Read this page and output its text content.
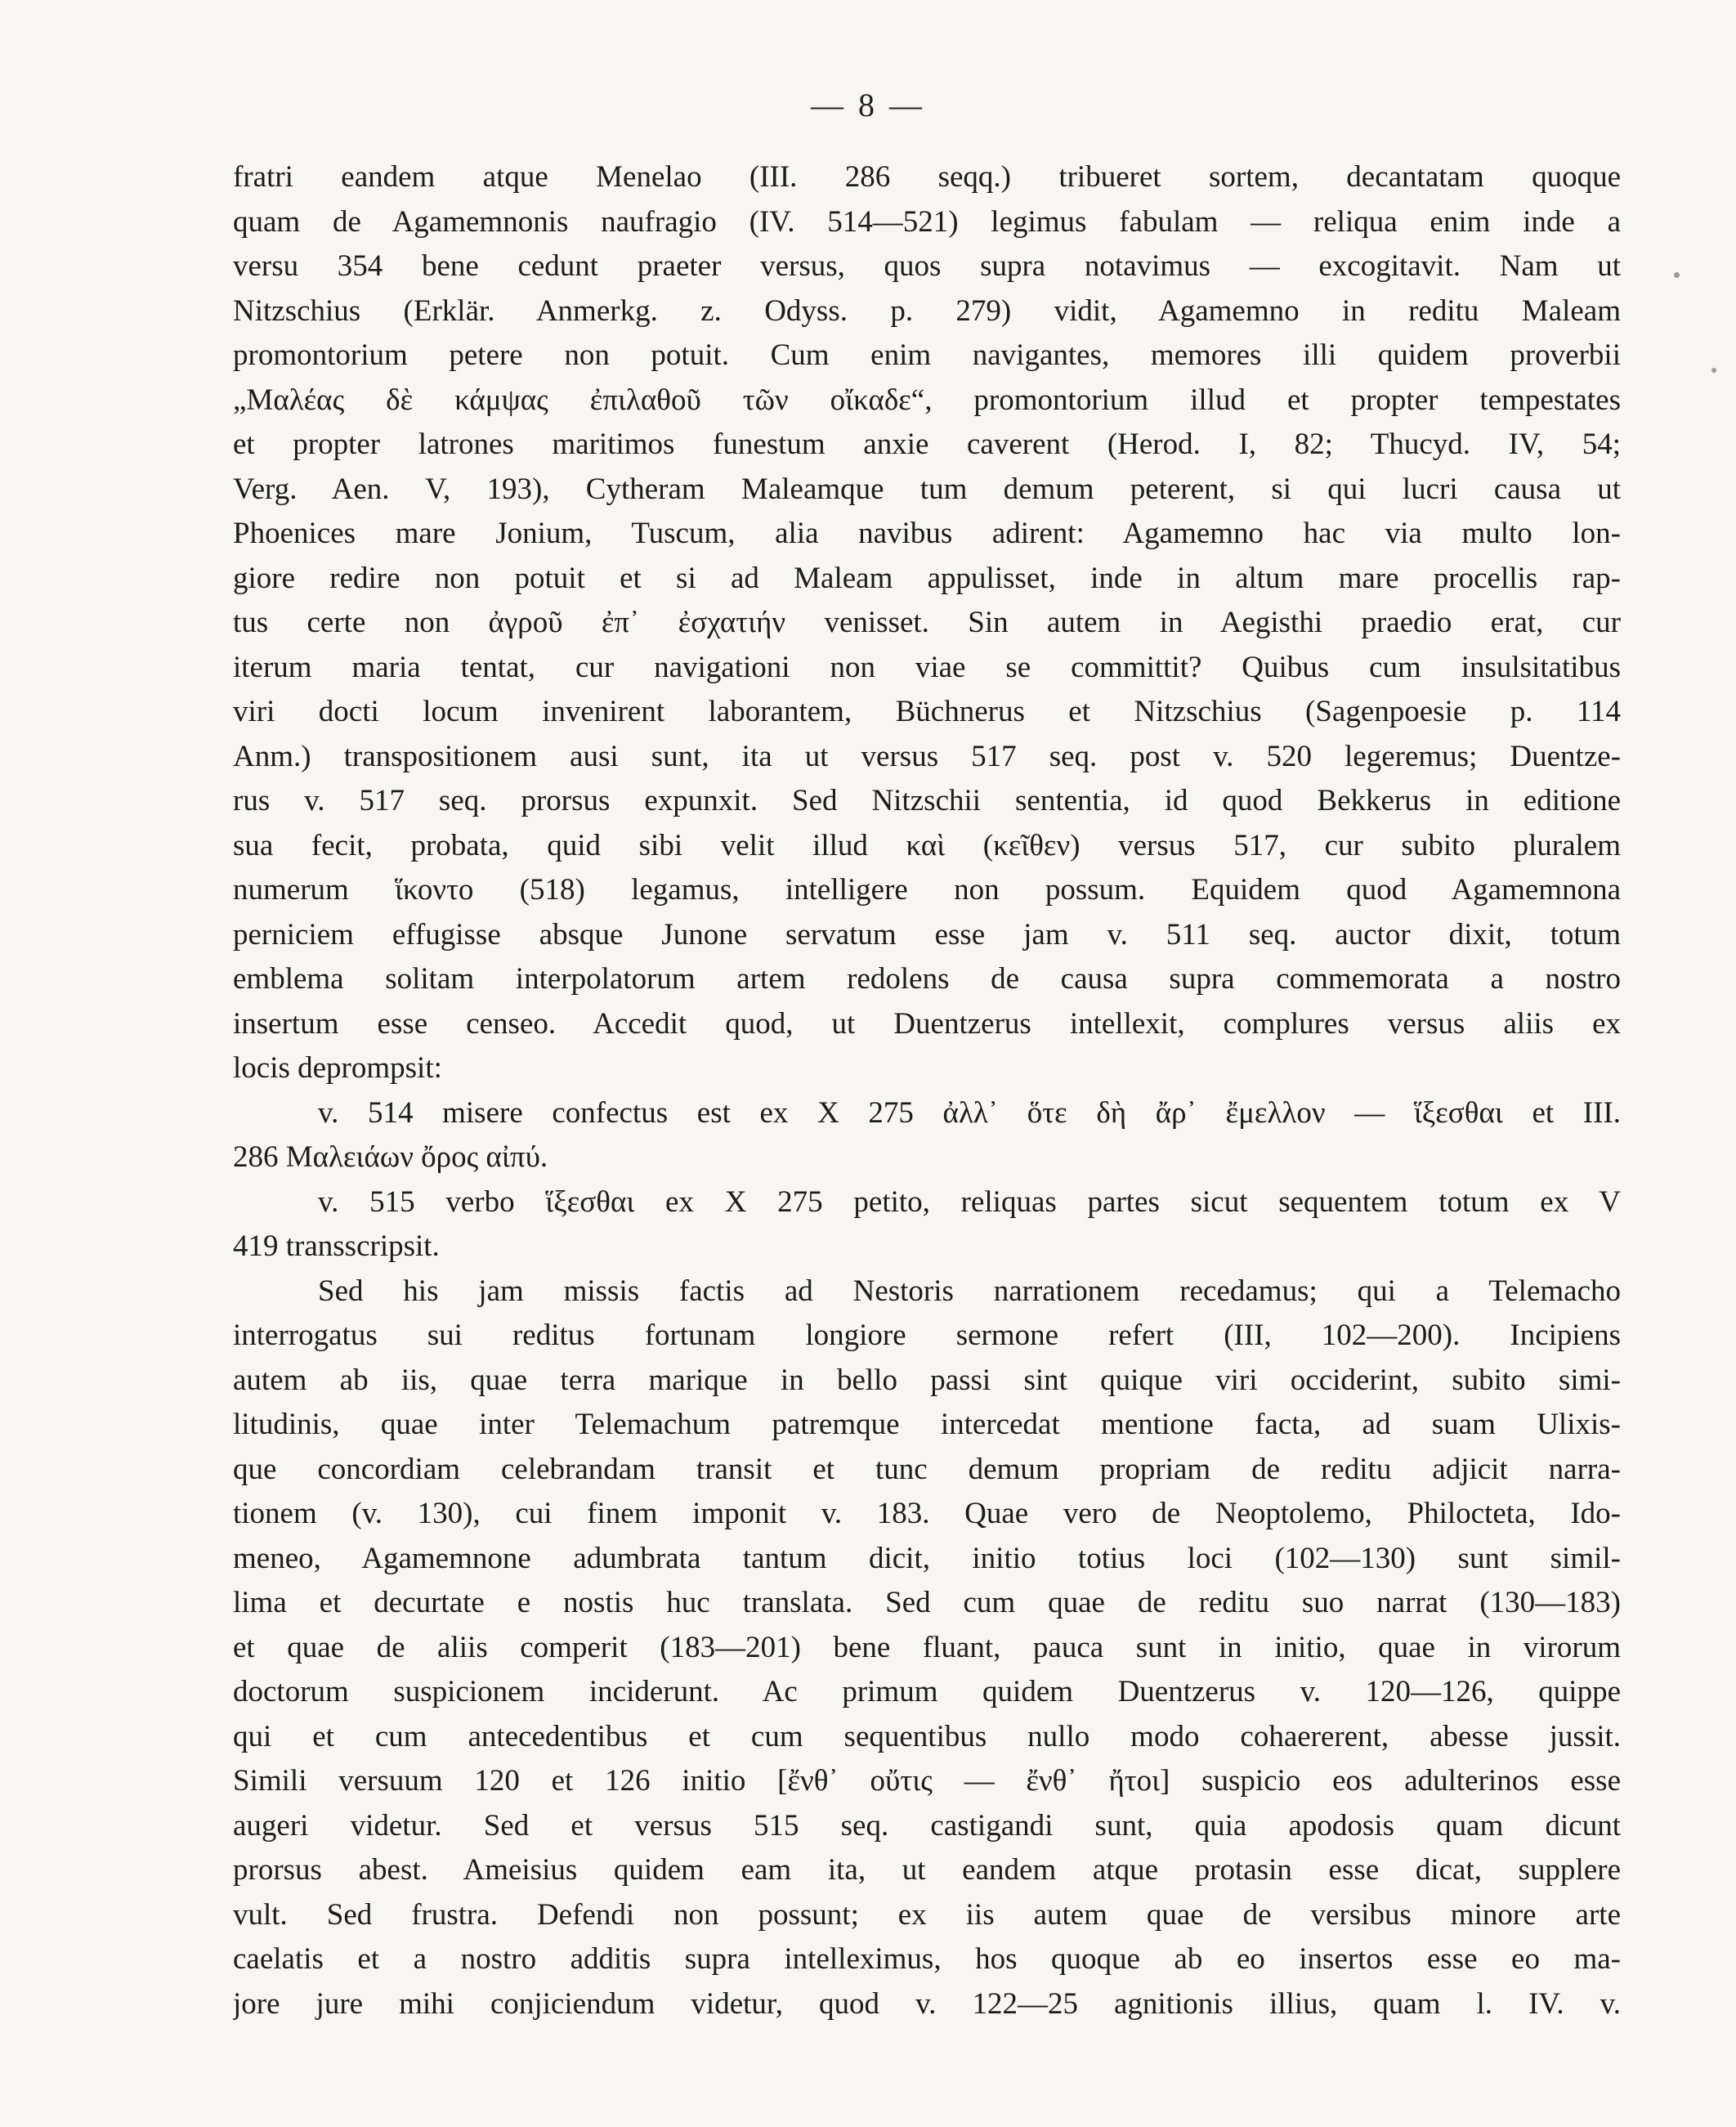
— 8 —
fratri eandem atque Menelao (III. 286 seqq.) tribueret sortem, decantatam quoque
quam de Agamemnonis naufragio (IV. 514—521) legimus fabulam — reliqua enim inde a
versu 354 bene cedunt praeter versus, quos supra notavimus — excogitavit. Nam ut
Nitzschius (Erklär. Anmerkg. z. Odyss. p. 279) vidit, Agamemno in reditu Maleam
promontorium petere non potuit. Cum enim navigantes, memores illi quidem proverbii
„Μαλέας δὲ κάμψας ἐπιλαθοῦ τῶν οἴκαδε“, promontorium illud et propter tempestates
et propter latrones maritimos funestum anxie caverent (Herod. I, 82; Thucyd. IV, 54;
Verg. Aen. V, 193), Cytheram Maleamque tum demum peterent, si qui lucri causa ut
Phoenices mare Jonium, Tuscum, alia navibus adirent: Agamemno hac via multo lon-
giore redire non potuit et si ad Maleam appulisset, inde in altum mare procellis rap-
tus certe non ἀγροῦ ἐπ᾽ ἐσχατιήν venisset. Sin autem in Aegisthi praedio erat, cur
iterum maria tentat, cur navigationi non viae se committit? Quibus cum insulsitatibus
viri docti locum invenirent laborantem, Büchnerus et Nitzschius (Sagenpoesie p. 114
Anm.) transpositionem ausi sunt, ita ut versus 517 seq. post v. 520 legeremus; Duentze-
rus v. 517 seq. prorsus expunxit. Sed Nitzschii sententia, id quod Bekkerus in editione
sua fecit, probata, quid sibi velit illud καὶ (κεῖθεν) versus 517, cur subito pluralem
numerum ἵκοντο (518) legamus, intelligere non possum. Equidem quod Agamemnona
perniciem effugisse absque Junone servatum esse jam v. 511 seq. auctor dixit, totum
emblema solitam interpolatorum artem redolens de causa supra commemorata a nostro
insertum esse censeo. Accedit quod, ut Duentzerus intellexit, complures versus aliis ex
locis deprompsit:
v. 514 misere confectus est ex X 275 ἀλλ᾽ ὅτε δὴ ἄρ᾽ ἔμελλον — ἵξεσθαι et III.
286 Μαλειάων ὄρος αἰπύ.
v. 515 verbo ἵξεσθαι ex X 275 petito, reliquas partes sicut sequentem totum ex V
419 transscripsit.
Sed his jam missis factis ad Nestoris narrationem recedamus; qui a Telemacho
interrogatus sui reditus fortunam longiore sermone refert (III, 102—200). Incipiens
autem ab iis, quae terra marique in bello passi sint quique viri occiderint, subito simi-
litudinis, quae inter Telemachum patremque intercedat mentione facta, ad suam Ulixis-
que concordiam celebrandam transit et tunc demum propriam de reditu adjicit narra-
tionem (v. 130), cui finem imponit v. 183. Quae vero de Neoptolemo, Philocteta, Ido-
meneo, Agamemnone adumbrata tantum dicit, initio totius loci (102—130) sunt simil-
lima et decurtate e nostis huc translata. Sed cum quae de reditu suo narrat (130—183)
et quae de aliis comperit (183—201) bene fluant, pauca sunt in initio, quae in virorum
doctorum suspicionem inciderunt. Ac primum quidem Duentzerus v. 120—126, quippe
qui et cum antecedentibus et cum sequentibus nullo modo cohaererent, abesse jussit.
Simili versuum 120 et 126 initio [ἔνθ᾽ οὔτις — ἔνθ᾽ ἤτοι] suspicio eos adulterinos esse
augeri videtur. Sed et versus 515 seq. castigandi sunt, quia apodosis quam dicunt
prorsus abest. Ameisius quidem eam ita, ut eandem atque protasin esse dicat, supplere
vult. Sed frustra. Defendi non possunt; ex iis autem quae de versibus minore arte
caelatis et a nostro additis supra intelleximus, hos quoque ab eo insertos esse eo ma-
jore jure mihi conjiciendum videtur, quod v. 122—25 agnitionis illius, quam l. IV. v.
